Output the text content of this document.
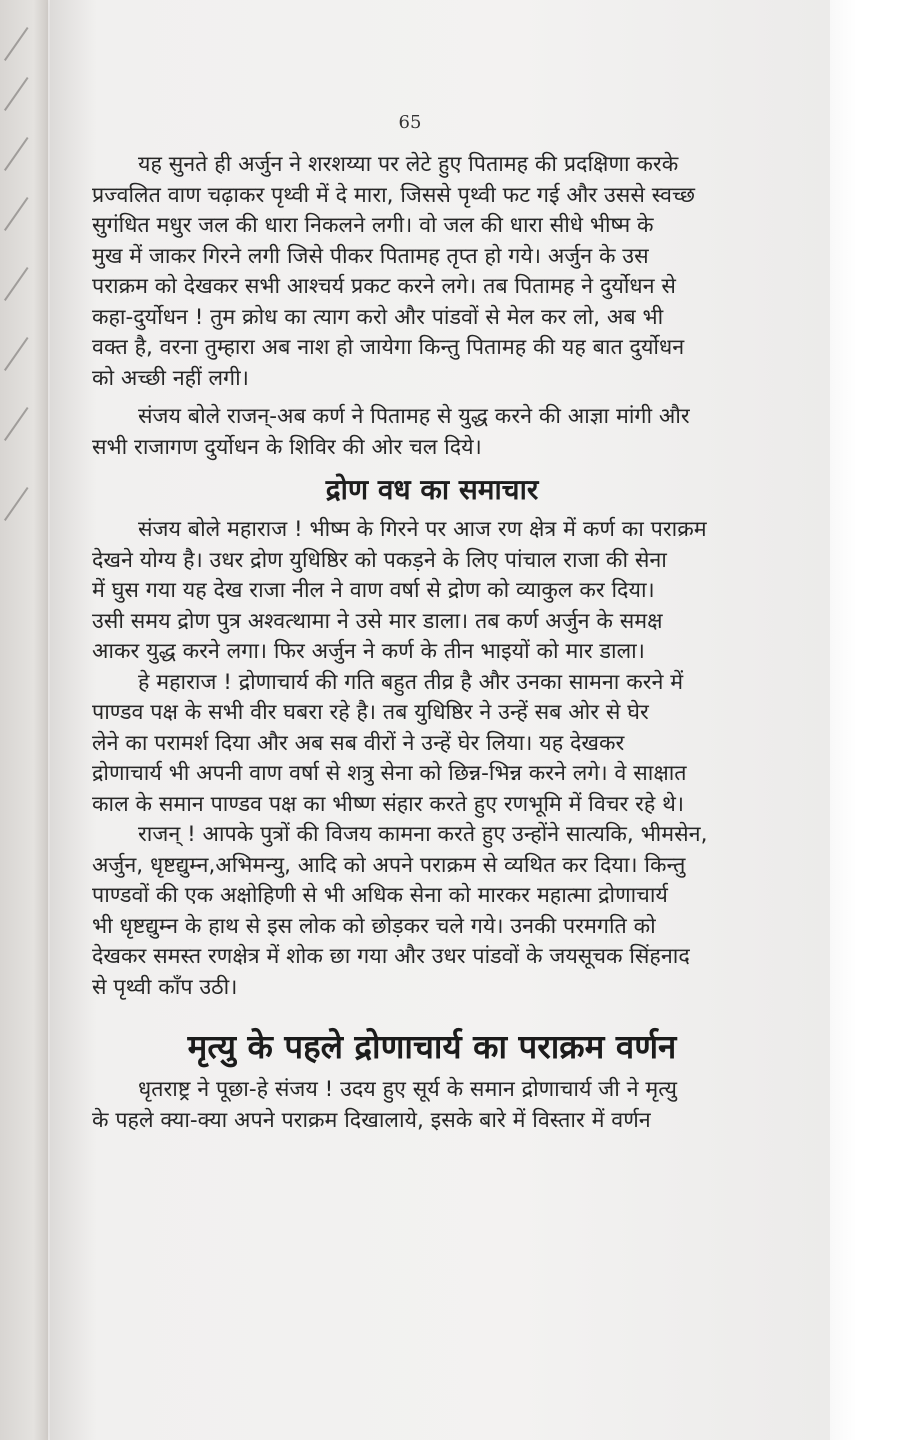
65

यह सुनते ही अर्जुन ने शरशय्या पर लेटे हुए पितामह की प्रदक्षिणा करके
प्रज्वलित वाण चढ़ाकर पृथ्वी में दे मारा, जिससे पृथ्वी फट गई और उससे स्वच्छ
सुगंधित मधुर जल की धारा निकलने लगी। वो जल की धारा सीधे भीष्म के
मुख में जाकर गिरने लगी जिसे पीकर पितामह तृप्त हो गये। अर्जुन के उस
पराक्रम को देखकर सभी आश्चर्य प्रकट करने लगे। तब पितामह ने दुर्योधन से
कहा-दुर्योधन ! तुम क्रोध का त्याग करो और पांडवों से मेल कर लो, अब भी
वक्त है, वरना तुम्हारा अब नाश हो जायेगा किन्तु पितामह की यह बात दुर्योधन
को अच्छी नहीं लगी।

संजय बोले राजन्-अब कर्ण ने पितामह से युद्ध करने की आज्ञा मांगी और
सभी राजागण दुर्योधन के शिविर की ओर चल दिये।

द्रोण वध का समाचार

संजय बोले महाराज ! भीष्म के गिरने पर आज रण क्षेत्र में कर्ण का पराक्रम
देखने योग्य है। उधर द्रोण युधिष्ठिर को पकड़ने के लिए पांचाल राजा की सेना
में घुस गया यह देख राजा नील ने वाण वर्षा से द्रोण को व्याकुल कर दिया।
उसी समय द्रोण पुत्र अश्वत्थामा ने उसे मार डाला। तब कर्ण अर्जुन के समक्ष
आकर युद्ध करने लगा। फिर अर्जुन ने कर्ण के तीन भाइयों को मार डाला।

हे महाराज ! द्रोणाचार्य की गति बहुत तीव्र है और उनका सामना करने में
पाण्डव पक्ष के सभी वीर घबरा रहे है। तब युधिष्ठिर ने उन्हें सब ओर से घेर
लेने का परामर्श दिया और अब सब वीरों ने उन्हें घेर लिया। यह देखकर
द्रोणाचार्य भी अपनी वाण वर्षा से शत्रु सेना को छिन्न-भिन्न करने लगे। वे साक्षात
काल के समान पाण्डव पक्ष का भीष्ण संहार करते हुए रणभूमि में विचर रहे थे।

राजन् ! आपके पुत्रों की विजय कामना करते हुए उन्होंने सात्यकि, भीमसेन,
अर्जुन, धृष्टद्युम्न,अभिमन्यु, आदि को अपने पराक्रम से व्यथित कर दिया। किन्तु
पाण्डवों की एक अक्षोहिणी से भी अधिक सेना को मारकर महात्मा द्रोणाचार्य
भी धृष्टद्युम्न के हाथ से इस लोक को छोड़कर चले गये। उनकी परमगति को
देखकर समस्त रणक्षेत्र में शोक छा गया और उधर पांडवों के जयसूचक सिंहनाद
से पृथ्वी काँप उठी।

मृत्यु के पहले द्रोणाचार्य का पराक्रम वर्णन

धृतराष्ट्र ने पूछा-हे संजय ! उदय हुए सूर्य के समान द्रोणाचार्य जी ने मृत्यु
के पहले क्या-क्या अपने पराक्रम दिखालाये, इसके बारे में विस्तार में वर्णन
